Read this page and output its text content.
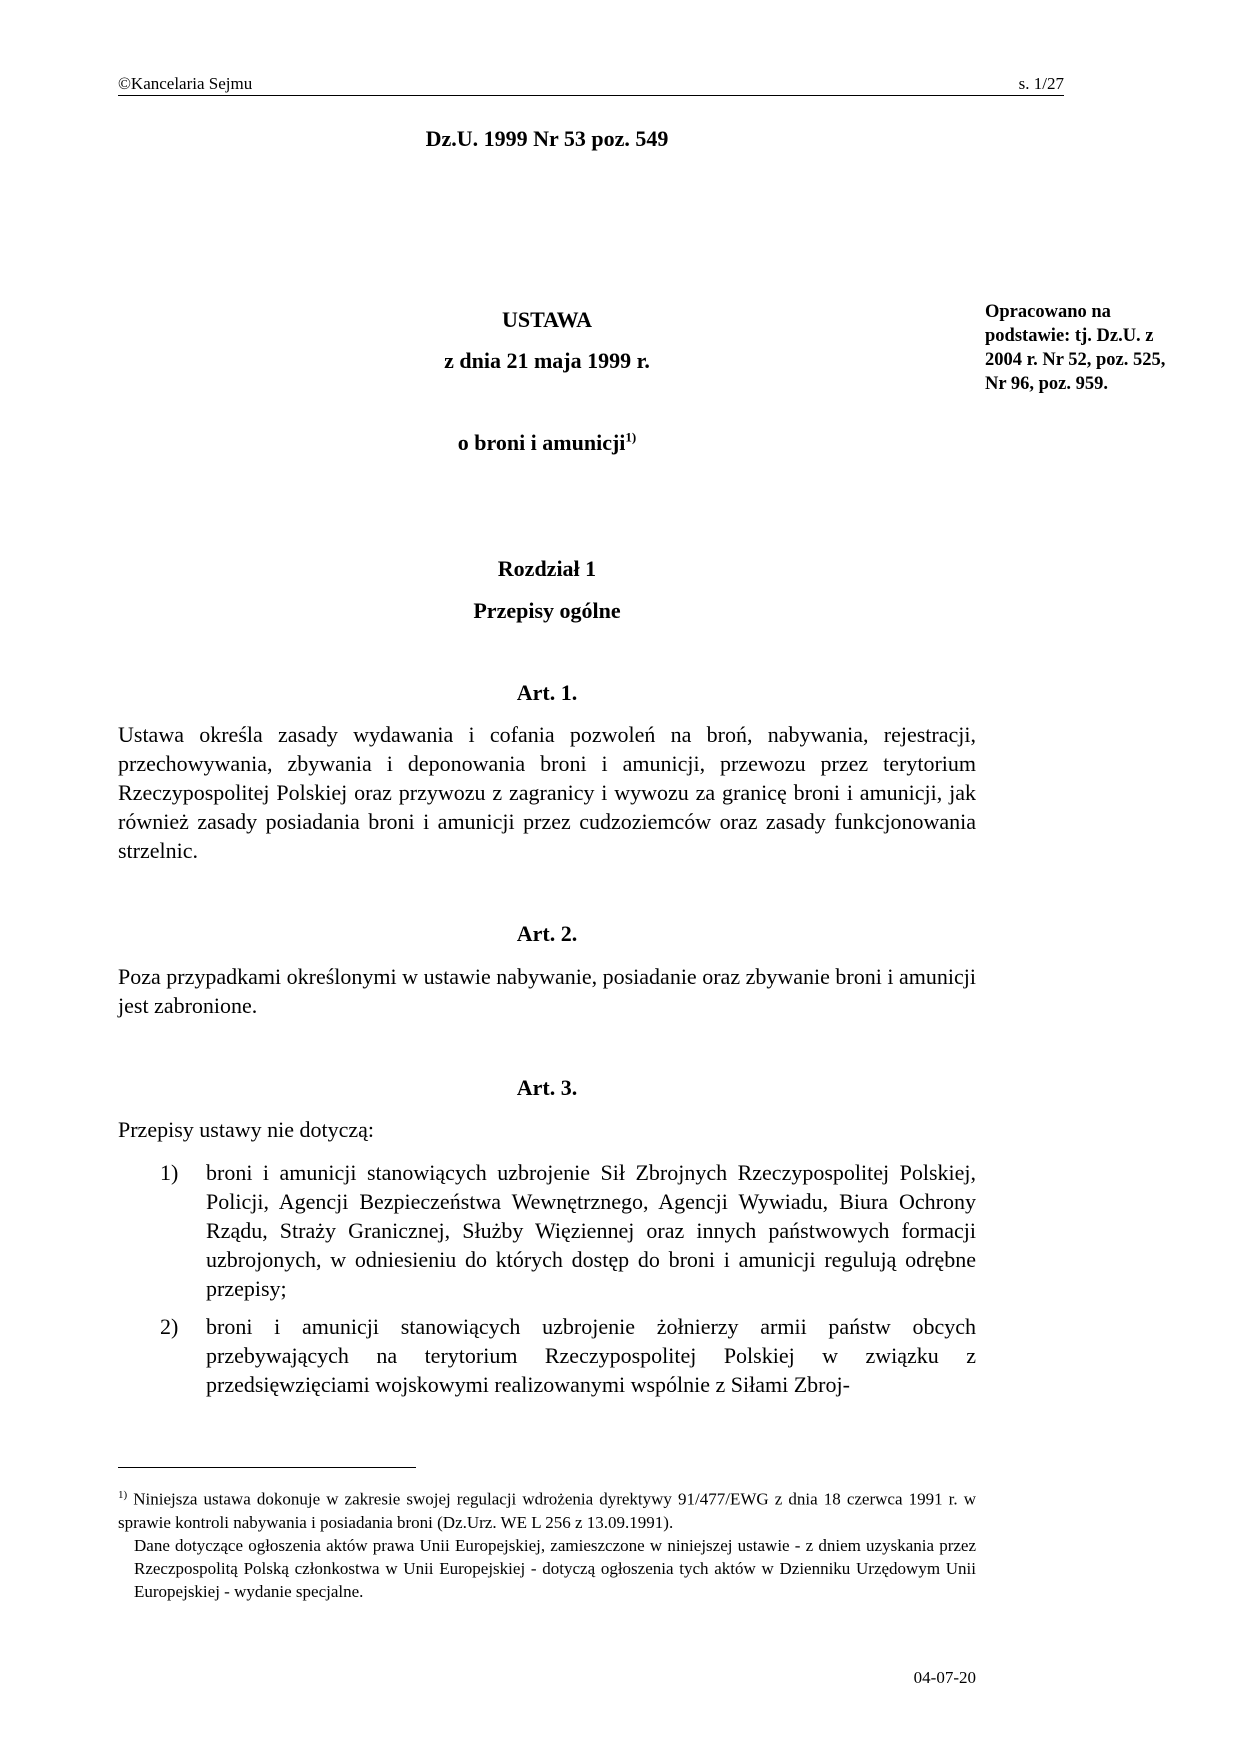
©Kancelaria Sejmu	s. 1/27
Dz.U. 1999 Nr 53 poz. 549
Opracowano na podstawie: tj. Dz.U. z 2004 r. Nr 52, poz. 525, Nr 96, poz. 959.
USTAWA
z dnia 21 maja 1999 r.
o broni i amunicji$^{1)}$
Rozdział 1
Przepisy ogólne
Art. 1.
Ustawa określa zasady wydawania i cofania pozwoleń na broń, nabywania, rejestracji, przechowywania, zbywania i deponowania broni i amunicji, przewozu przez terytorium Rzeczypospolitej Polskiej oraz przywozu z zagranicy i wywozu za granicę broni i amunicji, jak również zasady posiadania broni i amunicji przez cudzoziemców oraz zasady funkcjonowania strzelnic.
Art. 2.
Poza przypadkami określonymi w ustawie nabywanie, posiadanie oraz zbywanie broni i amunicji jest zabronione.
Art. 3.
Przepisy ustawy nie dotyczą:
1)	broni i amunicji stanowiących uzbrojenie Sił Zbrojnych Rzeczypospolitej Polskiej, Policji, Agencji Bezpieczeństwa Wewnętrznego, Agencji Wywiadu, Biura Ochrony Rządu, Straży Granicznej, Służby Więziennej oraz innych państwowych formacji uzbrojonych, w odniesieniu do których dostęp do broni i amunicji regulują odrębne przepisy;
2)	broni i amunicji stanowiących uzbrojenie żołnierzy armii państw obcych przebywających na terytorium Rzeczypospolitej Polskiej w związku z przedsięwzięciami wojskowymi realizowanymi wspólnie z Siłami Zbroj-
$^{1)}$ Niniejsza ustawa dokonuje w zakresie swojej regulacji wdrożenia dyrektywy 91/477/EWG z dnia 18 czerwca 1991 r. w sprawie kontroli nabywania i posiadania broni (Dz.Urz. WE L 256 z 13.09.1991).
Dane dotyczące ogłoszenia aktów prawa Unii Europejskiej, zamieszczone w niniejszej ustawie - z dniem uzyskania przez Rzeczpospolitą Polską członkostwa w Unii Europejskiej - dotyczą ogłoszenia tych aktów w Dzienniku Urzędowym Unii Europejskiej - wydanie specjalne.
04-07-20
